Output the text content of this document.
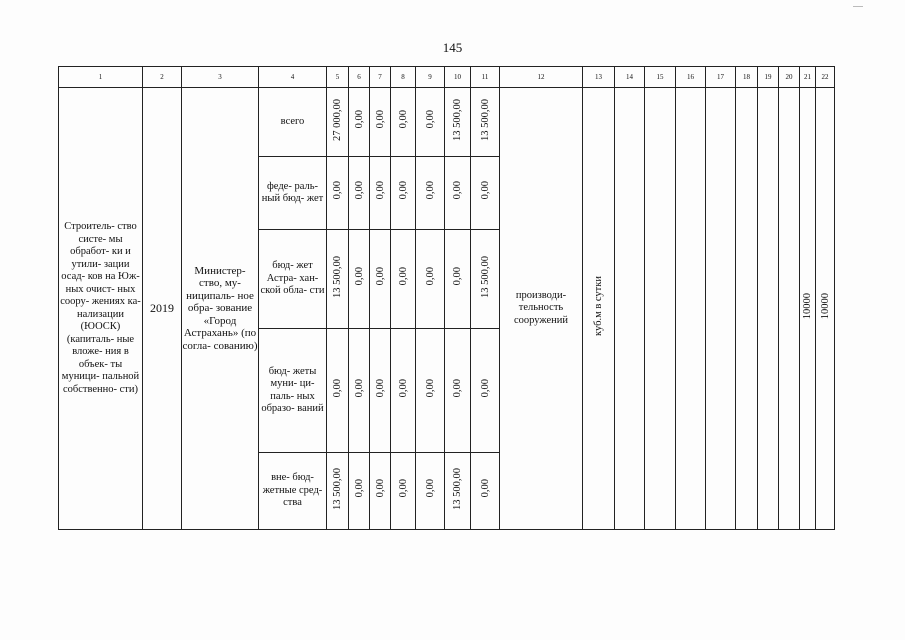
145
1	2	3	4	5	6	7	8	9	10	11	12	13	14	15	16	17	18	19	20	21	22
Строитель- ство систе- мы обработ- ки и утили- зации осад- ков на Юж- ных очист- ных соору- жениях ка- нализации (ЮОСК) (капиталь- ные вложе- ния в объек- ты муници- пальной собственно- сти)	2019	Министер- ство, му- ниципаль- ное обра- зование «Город Астрахань» (по согла- сованию)	всего	27 000,00	0,00	0,00	0,00	0,00	13 500,00	13 500,00	производи- тельность сооружений	куб.м в сутки								10000	10000
			феде- раль- ный бюд- жет	0,00	0,00	0,00	0,00	0,00	0,00	0,00											
			бюд- жет Астра- хан- ской обла- сти	13 500,00	0,00	0,00	0,00	0,00	0,00	13 500,00											
			бюд- жеты муни- ци- паль- ных образо- ваний	0,00	0,00	0,00	0,00	0,00	0,00	0,00											
			вне- бюд- жетные сред- ства	13 500,00	0,00	0,00	0,00	0,00	13 500,00	0,00											
